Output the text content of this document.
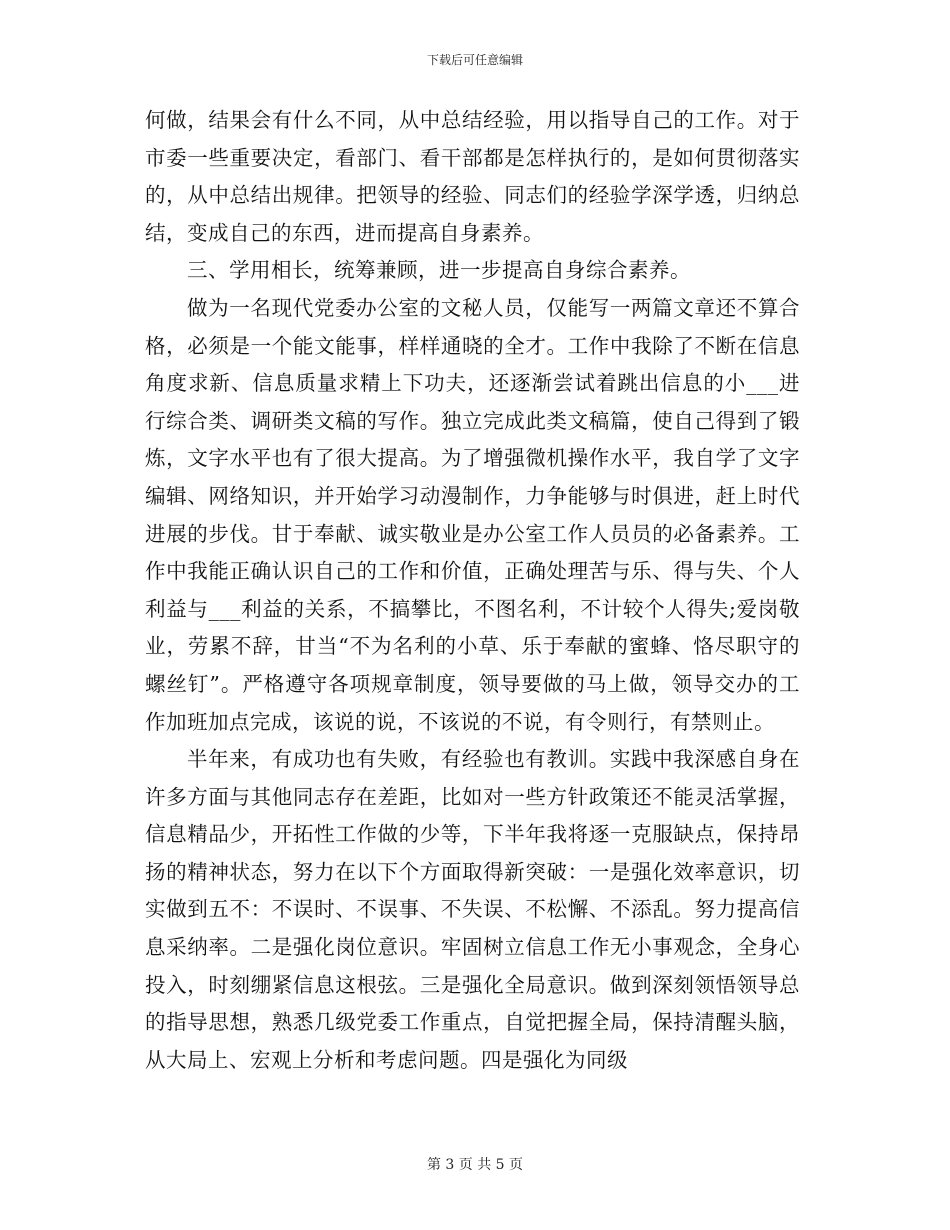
下载后可任意编辑

何做，结果会有什么不同，从中总结经验，用以指导自己的工作。对于市委一些重要决定，看部门、看干部都是怎样执行的，是如何贯彻落实的，从中总结出规律。把领导的经验、同志们的经验学深学透，归纳总结，变成自己的东西，进而提高自身素养。

三、学用相长，统筹兼顾，进一步提高自身综合素养。

做为一名现代党委办公室的文秘人员，仅能写一两篇文章还不算合格，必须是一个能文能事，样样通晓的全才。工作中我除了不断在信息角度求新、信息质量求精上下功夫，还逐渐尝试着跳出信息的小___进行综合类、调研类文稿的写作。独立完成此类文稿篇，使自己得到了锻炼，文字水平也有了很大提高。为了增强微机操作水平，我自学了文字编辑、网络知识，并开始学习动漫制作，力争能够与时俱进，赶上时代进展的步伐。甘于奉献、诚实敬业是办公室工作人员员的必备素养。工作中我能正确认识自己的工作和价值，正确处理苦与乐、得与失、个人利益与___利益的关系，不搞攀比，不图名利，不计较个人得失;爱岗敬业，劳累不辞，甘当“不为名利的小草、乐于奉献的蜜蜂、恪尽职守的螺丝钉”。严格遵守各项规章制度，领导要做的马上做，领导交办的工作加班加点完成，该说的说，不该说的不说，有令则行，有禁则止。

半年来，有成功也有失败，有经验也有教训。实践中我深感自身在许多方面与其他同志存在差距，比如对一些方针政策还不能灵活掌握，信息精品少，开拓性工作做的少等，下半年我将逐一克服缺点，保持昂扬的精神状态，努力在以下个方面取得新突破：一是强化效率意识，切实做到五不：不误时、不误事、不失误、不松懈、不添乱。努力提高信息采纳率。二是强化岗位意识。牢固树立信息工作无小事观念，全身心投入，时刻绷紧信息这根弦。三是强化全局意识。做到深刻领悟领导总的指导思想，熟悉几级党委工作重点，自觉把握全局，保持清醒头脑，从大局上、宏观上分析和考虑问题。四是强化为同级

第 3 页 共 5 页
